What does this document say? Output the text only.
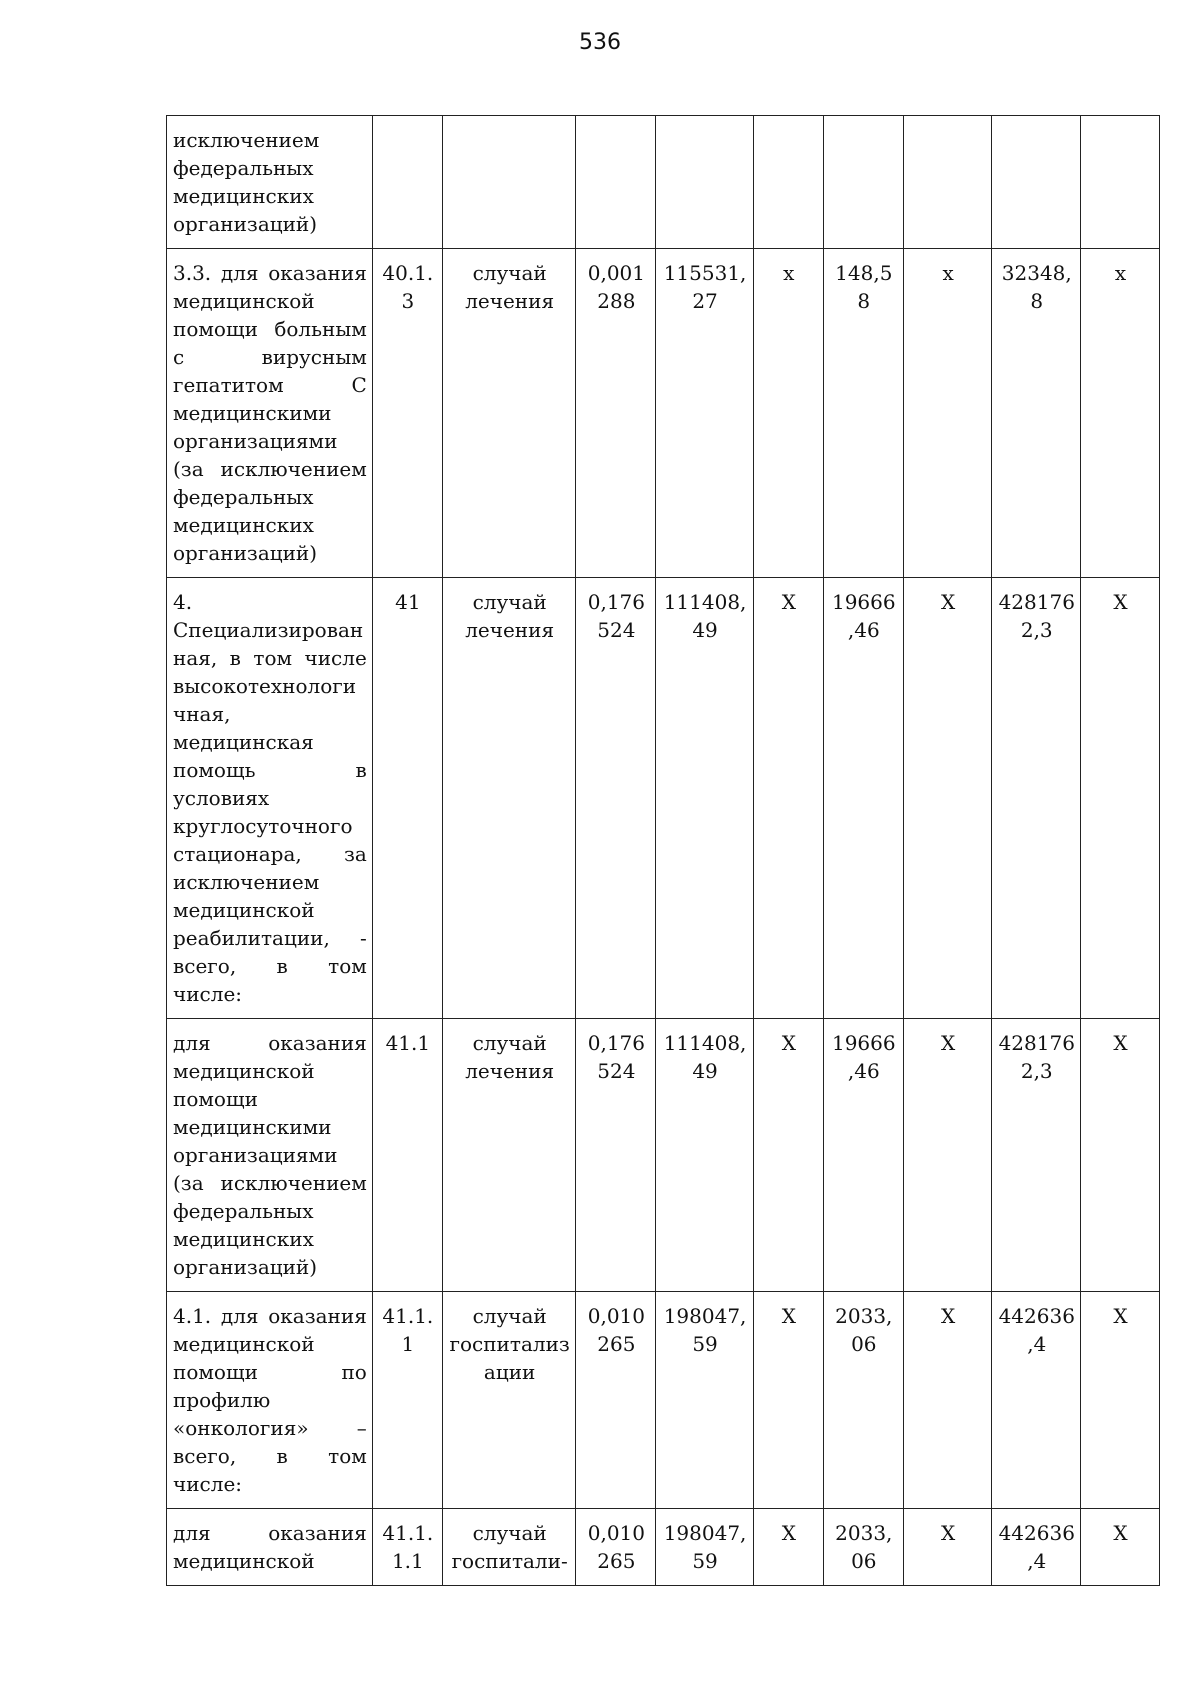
536
исключением федеральных медицинских организаций)									
3.3. для оказания медицинской помощи больным с вирусным гепатитом С медицинскими организациями (за исключением федеральных медицинских организаций)	40.1.3	случай лечения	0,001288	115531,27	х	148,58	х	32348,8	х
4. Специализированная, в том числе высокотехнологичная, медицинская помощь в условиях круглосуточного стационара, за исключением медицинской реабилитации, - всего, в том числе:	41	случай лечения	0,176524	111408,49	Х	19666,46	Х	4281762,3	Х
для оказания медицинской помощи медицинскими организациями (за исключением федеральных медицинских организаций)	41.1	случай лечения	0,176524	111408,49	Х	19666,46	Х	4281762,3	Х
4.1. для оказания медицинской помощи по профилю «онкология» – всего, в том числе:	41.1.1	случай госпитализации	0,010265	198047,59	Х	2033,06	Х	442636,4	Х
для оказания медицинской	41.1.1.1	случай госпитали-	0,010265	198047,59	Х	2033,06	Х	442636,4	Х
